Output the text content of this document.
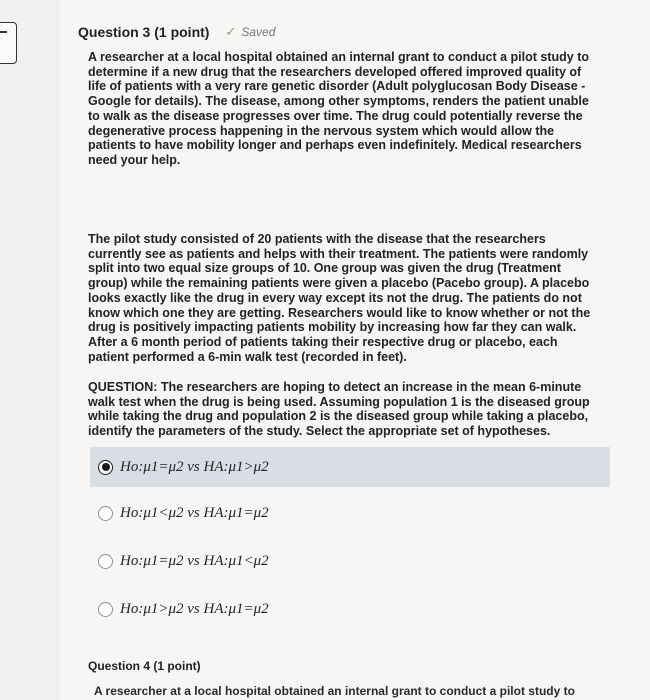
Question 3 (1 point) ✓ Saved
A researcher at a local hospital obtained an internal grant to conduct a pilot study to determine if a new drug that the researchers developed offered improved quality of life of patients with a very rare genetic disorder (Adult polyglucosan Body Disease - Google for details). The disease, among other symptoms, renders the patient unable to walk as the disease progresses over time. The drug could potentially reverse the degenerative process happening in the nervous system which would allow the patients to have mobility longer and perhaps even indefinitely. Medical researchers need your help.
The pilot study consisted of 20 patients with the disease that the researchers currently see as patients and helps with their treatment. The patients were randomly split into two equal size groups of 10. One group was given the drug (Treatment group) while the remaining patients were given a placebo (Pacebo group). A placebo looks exactly like the drug in every way except its not the drug. The patients do not know which one they are getting. Researchers would like to know whether or not the drug is positively impacting patients mobility by increasing how far they can walk. After a 6 month period of patients taking their respective drug or placebo, each patient performed a 6-min walk test (recorded in feet).
QUESTION: The researchers are hoping to detect an increase in the mean 6-minute walk test when the drug is being used. Assuming population 1 is the diseased group while taking the drug and population 2 is the diseased group while taking a placebo, identify the parameters of the study. Select the appropriate set of hypotheses.
Ho:μ1=μ2 vs HA:μ1>μ2
Ho:μ1<μ2 vs HA:μ1=μ2
Ho:μ1=μ2 vs HA:μ1<μ2
Ho:μ1>μ2 vs HA:μ1=μ2
Question 4 (1 point)
A researcher at a local hospital obtained an internal grant to conduct a pilot study to
